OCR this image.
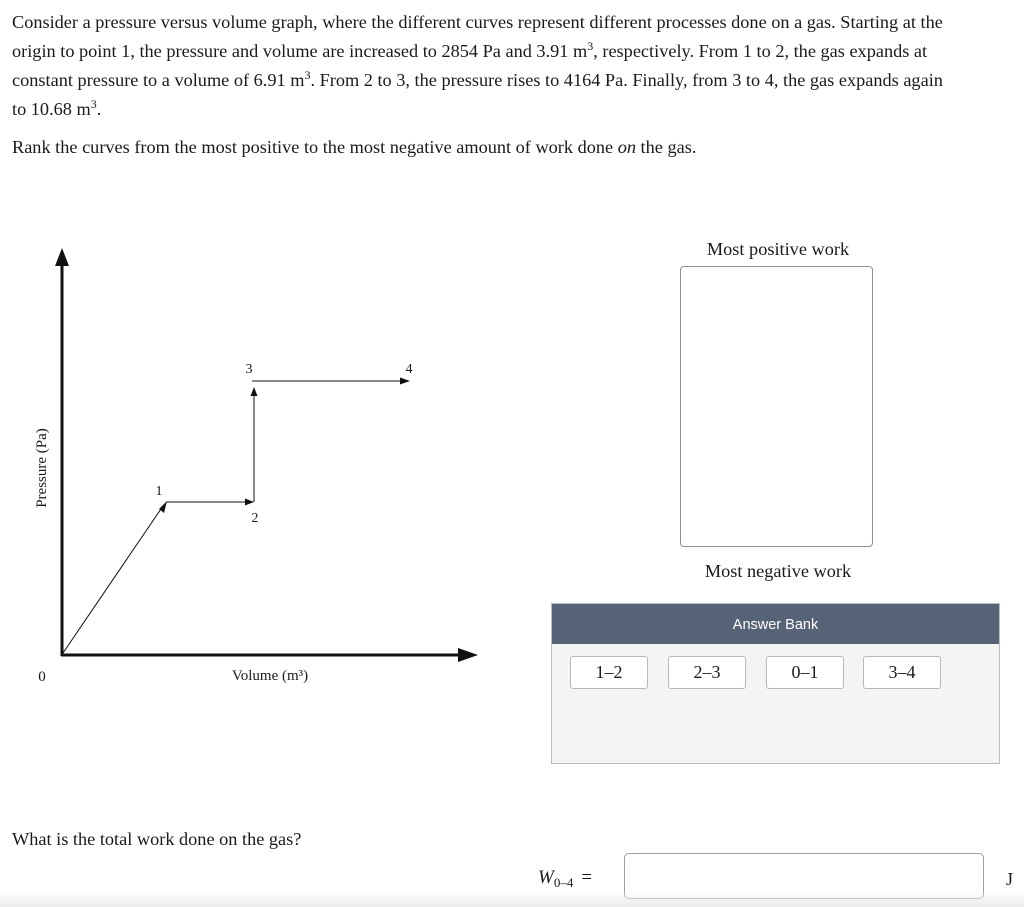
Consider a pressure versus volume graph, where the different curves represent different processes done on a gas. Starting at the
origin to point 1, the pressure and volume are increased to 2854 Pa and 3.91 $m^3$, respectively. From 1 to 2, the gas expands at
constant pressure to a volume of 6.91 $m^3$. From 2 to 3, the pressure rises to 4164 Pa. Finally, from 3 to 4, the gas expands again
to 10.68 $m^3$.

Rank the curves from the most positive to the most negative amount of work done on the gas.

Pressure (Pa)
Volume (m³)
0
1
2
3	4
Most positive work
Most negative work
Answer Bank
1–2	2–3	0–1	3–4

What is the total work done on the gas?

$W_{0-4}$ =	J
